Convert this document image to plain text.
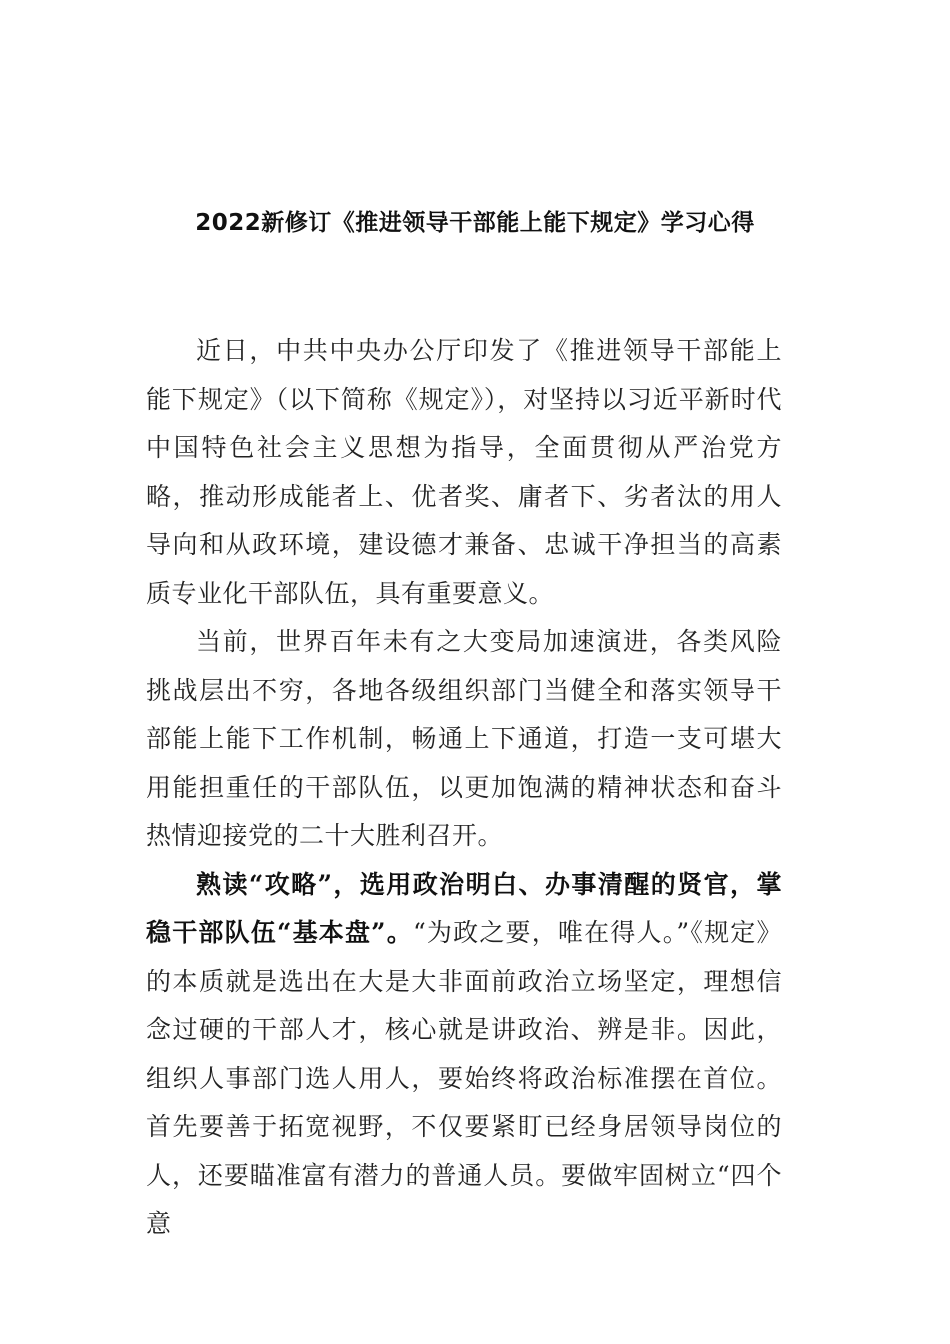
2022新修订《推进领导干部能上能下规定》学习心得

近日，中共中央办公厅印发了《推进领导干部能上能下规定》（以下简称《规定》），对坚持以习近平新时代中国特色社会主义思想为指导，全面贯彻从严治党方略，推动形成能者上、优者奖、庸者下、劣者汰的用人导向和从政环境，建设德才兼备、忠诚干净担当的高素质专业化干部队伍，具有重要意义。

当前，世界百年未有之大变局加速演进，各类风险挑战层出不穷，各地各级组织部门当健全和落实领导干部能上能下工作机制，畅通上下通道，打造一支可堪大用能担重任的干部队伍，以更加饱满的精神状态和奋斗热情迎接党的二十大胜利召开。

熟读“攻略”，选用政治明白、办事清醒的贤官，掌稳干部队伍“基本盘”。“为政之要，唯在得人。”《规定》的本质就是选出在大是大非面前政治立场坚定，理想信念过硬的干部人才，核心就是讲政治、辨是非。因此，组织人事部门选人用人，要始终将政治标准摆在首位。首先要善于拓宽视野，不仅要紧盯已经身居领导岗位的人，还要瞄准富有潜力的普通人员。要做牢固树立“四个意
